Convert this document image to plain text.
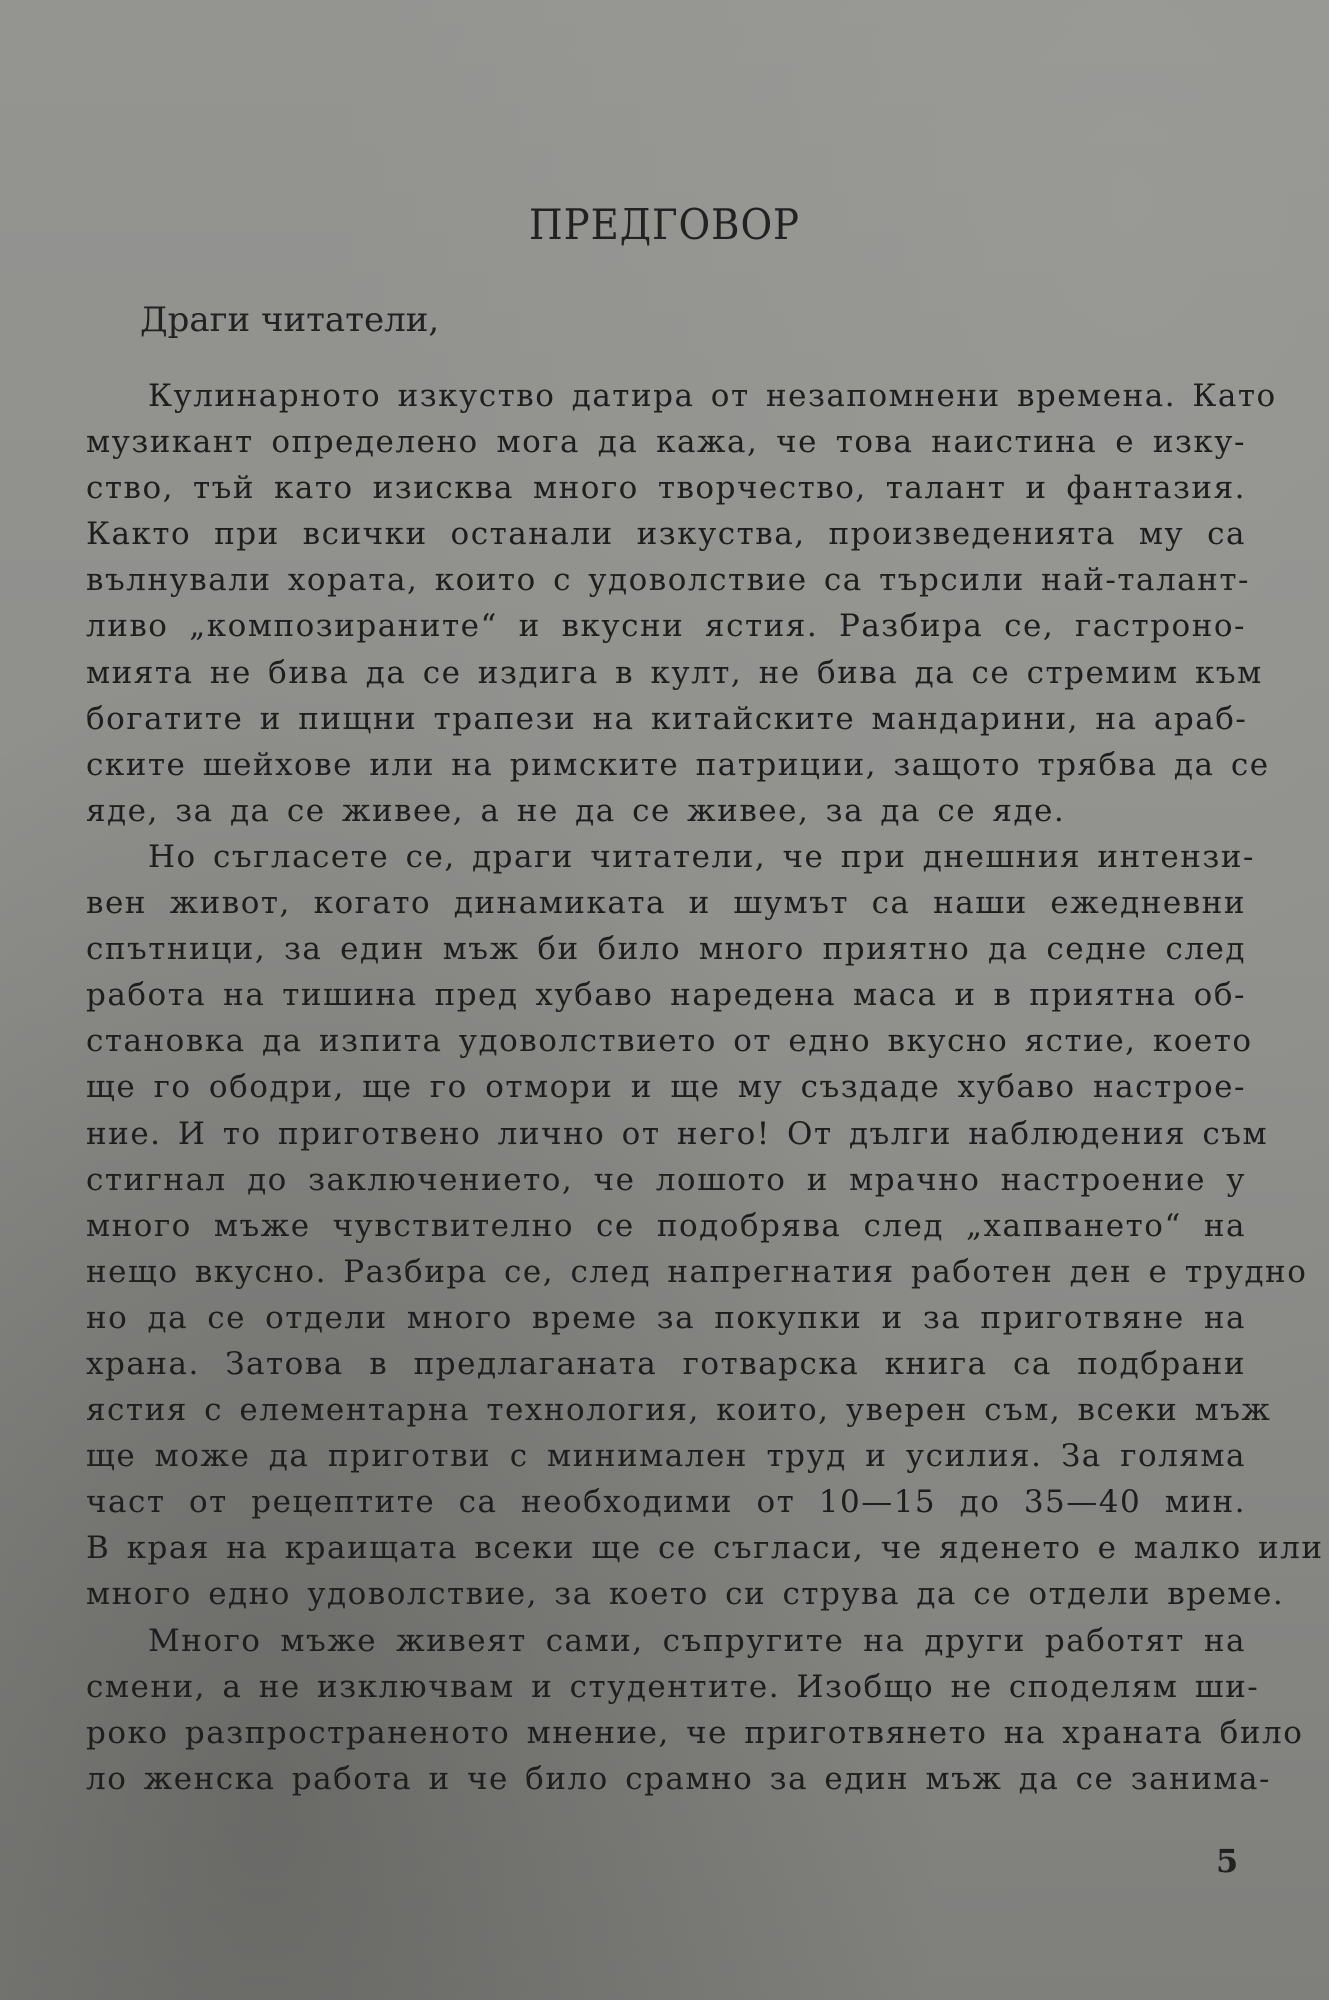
ПРЕДГОВОР
Драги читатели,
Кулинарното изкуство датира от незапомнени времена. Като
музикант определено мога да кажа, че това наистина е изку-
ство, тъй като изисква много творчество, талант и фантазия.
Както при всички останали изкуства, произведенията му са
вълнували хората, които с удоволствие са търсили най-талант-
ливо „композираните“ и вкусни ястия. Разбира се, гастроно-
мията не бива да се издига в култ, не бива да се стремим към
богатите и пищни трапези на китайските мандарини, на араб-
ските шейхове или на римските патриции, защото трябва да се
яде, за да се живее, а не да се живее, за да се яде.
Но съгласете се, драги читатели, че при днешния интензи-
вен живот, когато динамиката и шумът са наши ежедневни
спътници, за един мъж би било много приятно да седне след
работа на тишина пред хубаво наредена маса и в приятна об-
становка да изпита удоволствието от едно вкусно ястие, което
ще го ободри, ще го отмори и ще му създаде хубаво настрое-
ние. И то приготвено лично от него! От дълги наблюдения съм
стигнал до заключението, че лошото и мрачно настроение у
много мъже чувствително се подобрява след „хапването“ на
нещо вкусно. Разбира се, след напрегнатия работен ден е трудно
но да се отдели много време за покупки и за приготвяне на
храна. Затова в предлаганата готварска книга са подбрани
ястия с елементарна технология, които, уверен съм, всеки мъж
ще може да приготви с минимален труд и усилия. За голяма
част от рецептите са необходими от 10—15 до 35—40 мин.
В края на краищата всеки ще се съгласи, че яденето е малко или
много едно удоволствие, за което си струва да се отдели време.
Много мъже живеят сами, съпругите на други работят на
смени, а не изключвам и студентите. Изобщо не споделям ши-
роко разпространеното мнение, че приготвянето на храната било
ло женска работа и че било срамно за един мъж да се занима-
5
